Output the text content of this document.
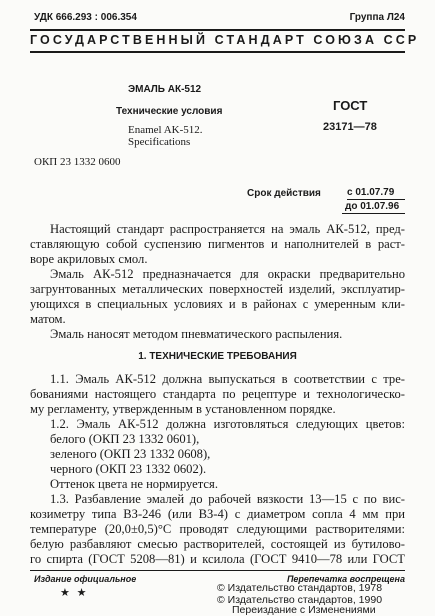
УДК 666.293 : 006.354	Группа Л24
ГОСУДАРСТВЕННЫЙ СТАНДАРТ СОЮЗА ССР
ЭМАЛЬ АК-512
Технические условия
Enamel AK-512.
Specifications
ГОСТ
23171—78
ОКП 23 1332 0600
Срок действия	с 01.07.79
до 01.07.96
Настоящий стандарт распространяется на эмаль АК-512, пред-
ставляющую собой суспензию пигментов и наполнителей в раст-
воре акриловых смол.
Эмаль АК-512 предназначается для окраски предварительно
загрунтованных металлических поверхностей изделий, эксплуатир-
ующихся в специальных условиях и в районах с умеренным кли-
матом.
Эмаль наносят методом пневматического распыления.
1. ТЕХНИЧЕСКИЕ ТРЕБОВАНИЯ
1.1. Эмаль АК-512 должна выпускаться в соответствии с тре-
бованиями настоящего стандарта по рецептуре и технологическо-
му регламенту, утвержденным в установленном порядке.
1.2. Эмаль АК-512 должна изготовляться следующих цветов:
белого (ОКП 23 1332 0601),
зеленого (ОКП 23 1332 0608),
черного (ОКП 23 1332 0602).
Оттенок цвета не нормируется.
1.3. Разбавление эмалей до рабочей вязкости 13—15 с по вис-
козиметру типа ВЗ-246 (или ВЗ-4) с диаметром сопла 4 мм при
температуре (20,0±0,5)°С проводят следующими растворителями:
белую разбавляют смесью растворителей, состоящей из бутилово-
го спирта (ГОСТ 5208—81) и ксилола (ГОСТ 9410—78 или ГОСТ
Издание официальное
★ ★
Перепечатка воспрещена
© Издательство стандартов, 1978
© Издательство стандартов, 1990
Переиздание с Изменениями
